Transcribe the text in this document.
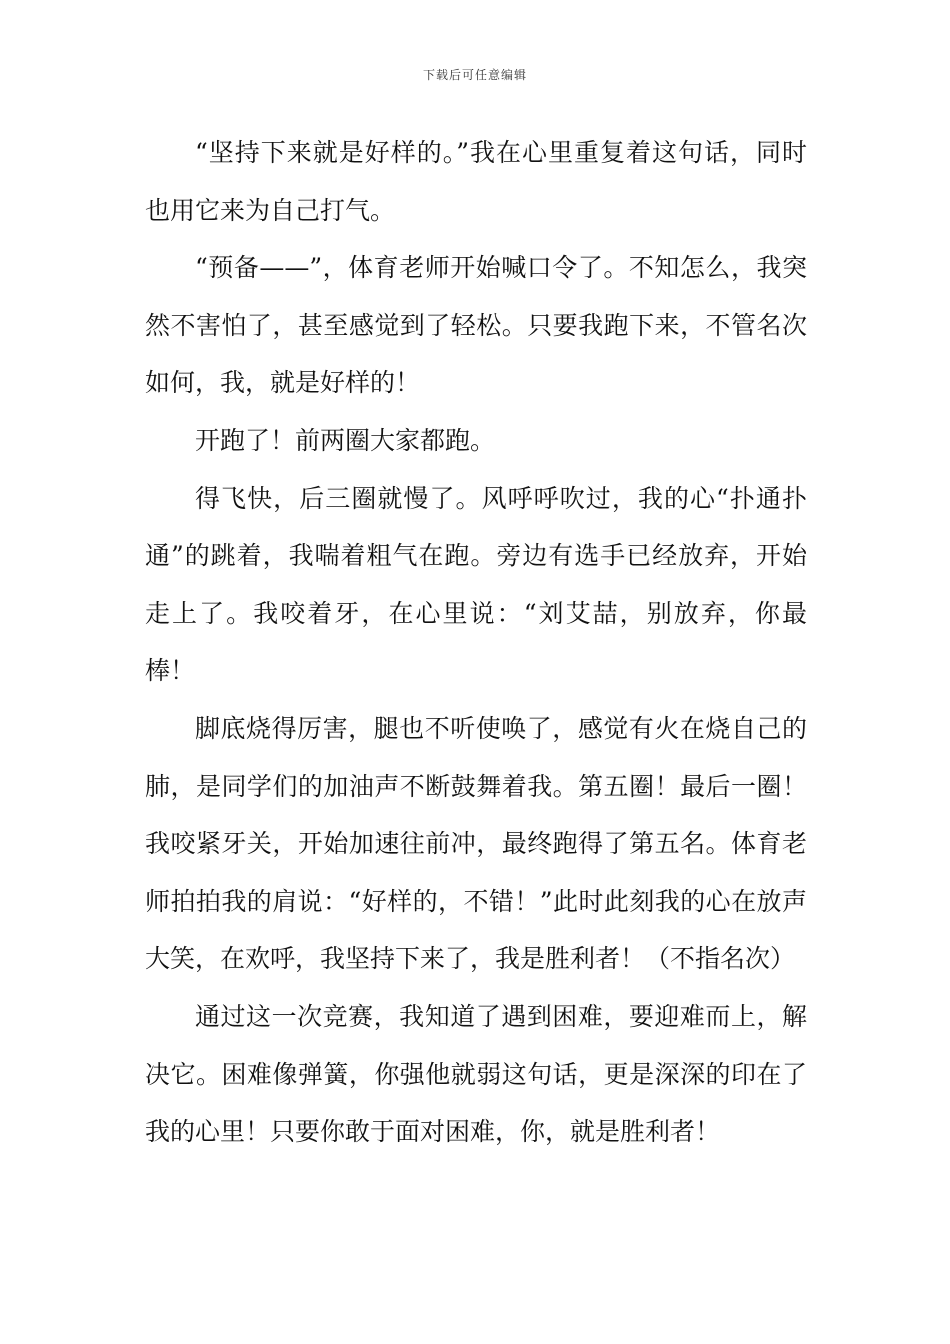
下载后可任意编辑

“坚持下来就是好样的。”我在心里重复着这句话，同时也用它来为自己打气。

“预备——”，体育老师开始喊口令了。不知怎么，我突然不害怕了，甚至感觉到了轻松。只要我跑下来，不管名次如何，我，就是好样的！

开跑了！前两圈大家都跑。

得飞快，后三圈就慢了。风呼呼吹过，我的心“扑通扑通”的跳着，我喘着粗气在跑。旁边有选手已经放弃，开始走上了。我咬着牙，在心里说：“刘艾喆，别放弃，你最棒！

脚底烧得厉害，腿也不听使唤了，感觉有火在烧自己的肺，是同学们的加油声不断鼓舞着我。第五圈！最后一圈！我咬紧牙关，开始加速往前冲，最终跑得了第五名。体育老师拍拍我的肩说：“好样的，不错！”此时此刻我的心在放声大笑，在欢呼，我坚持下来了，我是胜利者！（不指名次）

通过这一次竞赛，我知道了遇到困难，要迎难而上，解决它。困难像弹簧，你强他就弱这句话，更是深深的印在了我的心里！只要你敢于面对困难，你，就是胜利者！
